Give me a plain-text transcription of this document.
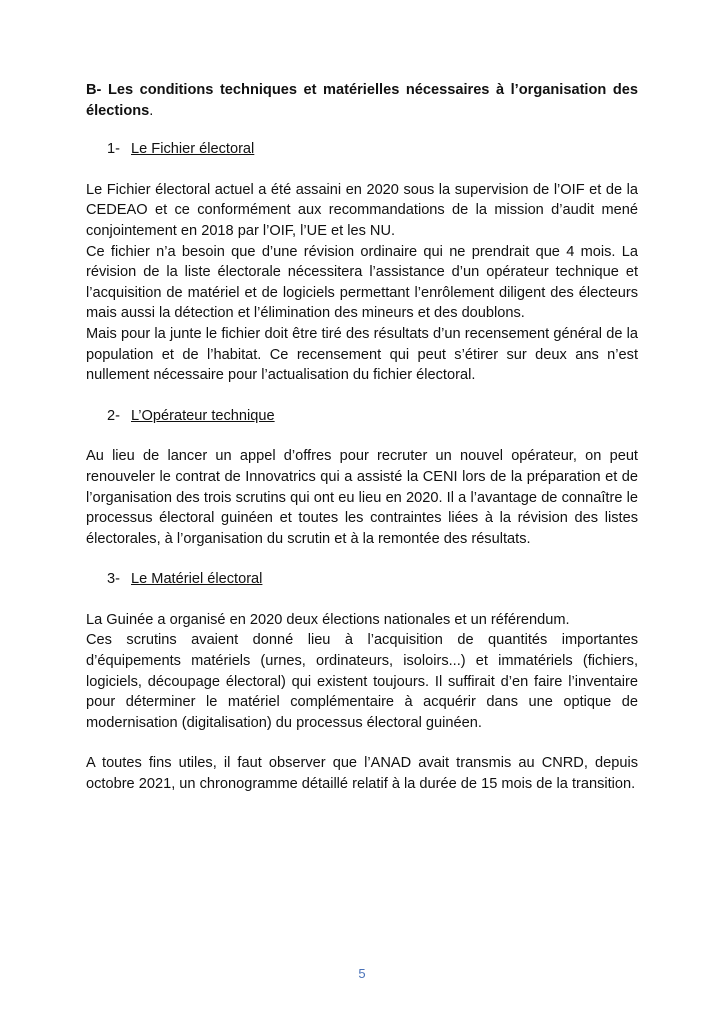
B- Les conditions techniques et matérielles nécessaires à l’organisation des élections.

1- Le Fichier électoral

Le Fichier électoral actuel a été assaini en 2020 sous la supervision de l’OIF et de la CEDEAO et ce conformément aux recommandations de la mission d’audit mené conjointement en 2018 par l’OIF, l’UE et les NU.

Ce fichier n’a besoin que d’une révision ordinaire qui ne prendrait que 4 mois. La révision de la liste électorale nécessitera l’assistance d’un opérateur technique et l’acquisition de matériel et de logiciels permettant l’enrôlement diligent des électeurs mais aussi la détection et l’élimination des mineurs et des doublons.

Mais pour la junte le fichier doit être tiré des résultats d’un recensement général de la population et de l’habitat. Ce recensement qui peut s’étirer sur deux ans n’est nullement nécessaire pour l’actualisation du fichier électoral.

2- L’Opérateur technique

Au lieu de lancer un appel d’offres pour recruter un nouvel opérateur, on peut renouveler le contrat de Innovatrics qui a assisté la CENI lors de la préparation et de l’organisation des trois scrutins qui ont eu lieu en 2020. Il a l’avantage de connaître le processus électoral guinéen et toutes les contraintes liées à la révision des listes électorales, à l’organisation du scrutin et à la remontée des résultats.

3- Le Matériel électoral

La Guinée a organisé en 2020 deux élections nationales et un référendum.

Ces scrutins avaient donné lieu à l’acquisition de quantités importantes d’équipements matériels (urnes, ordinateurs, isoloirs...) et immatériels (fichiers, logiciels, découpage électoral) qui existent toujours. Il suffirait d’en faire l’inventaire pour déterminer le matériel complémentaire à acquérir dans une optique de modernisation (digitalisation) du processus électoral guinéen.

A toutes fins utiles, il faut observer que l’ANAD avait transmis au CNRD, depuis octobre 2021, un chronogramme détaillé relatif à la durée de 15 mois de la transition.

5
